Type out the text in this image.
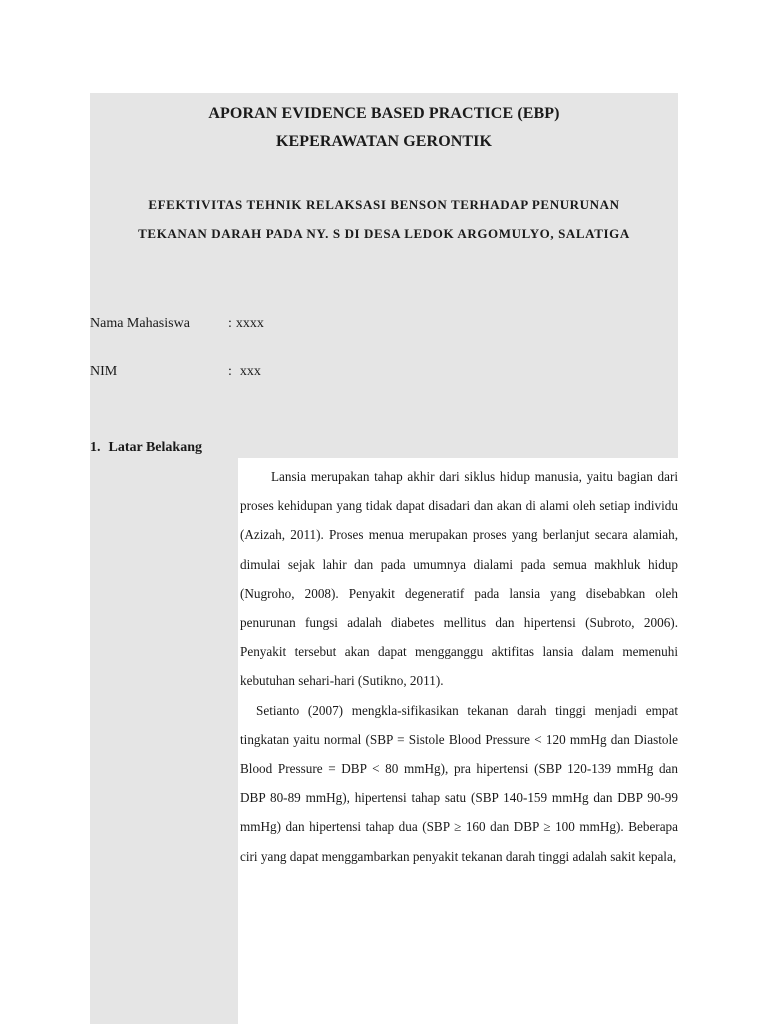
APORAN EVIDENCE BASED PRACTICE (EBP)

KEPERAWATAN GERONTIK

EFEKTIVITAS TEHNIK RELAKSASI BENSON TERHADAP PENURUNAN
TEKANAN DARAH PADA NY. S DI DESA LEDOK ARGOMULYO, SALATIGA
Nama Mahasiswa	: xxxx
NIM	: xxx

1. Latar Belakang

Lansia merupakan tahap akhir dari siklus hidup manusia, yaitu bagian dari proses kehidupan yang tidak dapat disadari dan akan di alami oleh setiap individu (Azizah, 2011). Proses menua merupakan proses yang berlanjut secara alamiah, dimulai sejak lahir dan pada umumnya dialami pada semua makhluk hidup (Nugroho, 2008). Penyakit degeneratif pada lansia yang disebabkan oleh penurunan fungsi adalah diabetes mellitus dan hipertensi (Subroto, 2006). Penyakit tersebut akan dapat mengganggu aktifitas lansia dalam memenuhi kebutuhan sehari-hari (Sutikno, 2011).

Setianto (2007) mengkla-sifikasikan tekanan darah tinggi menjadi empat tingkatan yaitu normal (SBP = Sistole Blood Pressure < 120 mmHg dan Diastole Blood Pressure = DBP < 80 mmHg), pra hipertensi (SBP 120-139 mmHg dan DBP 80-89 mmHg), hipertensi tahap satu (SBP 140-159 mmHg dan DBP 90-99 mmHg) dan hipertensi tahap dua (SBP ≥ 160 dan DBP ≥ 100 mmHg). Beberapa ciri yang dapat menggambarkan penyakit tekanan darah tinggi adalah sakit kepala,
